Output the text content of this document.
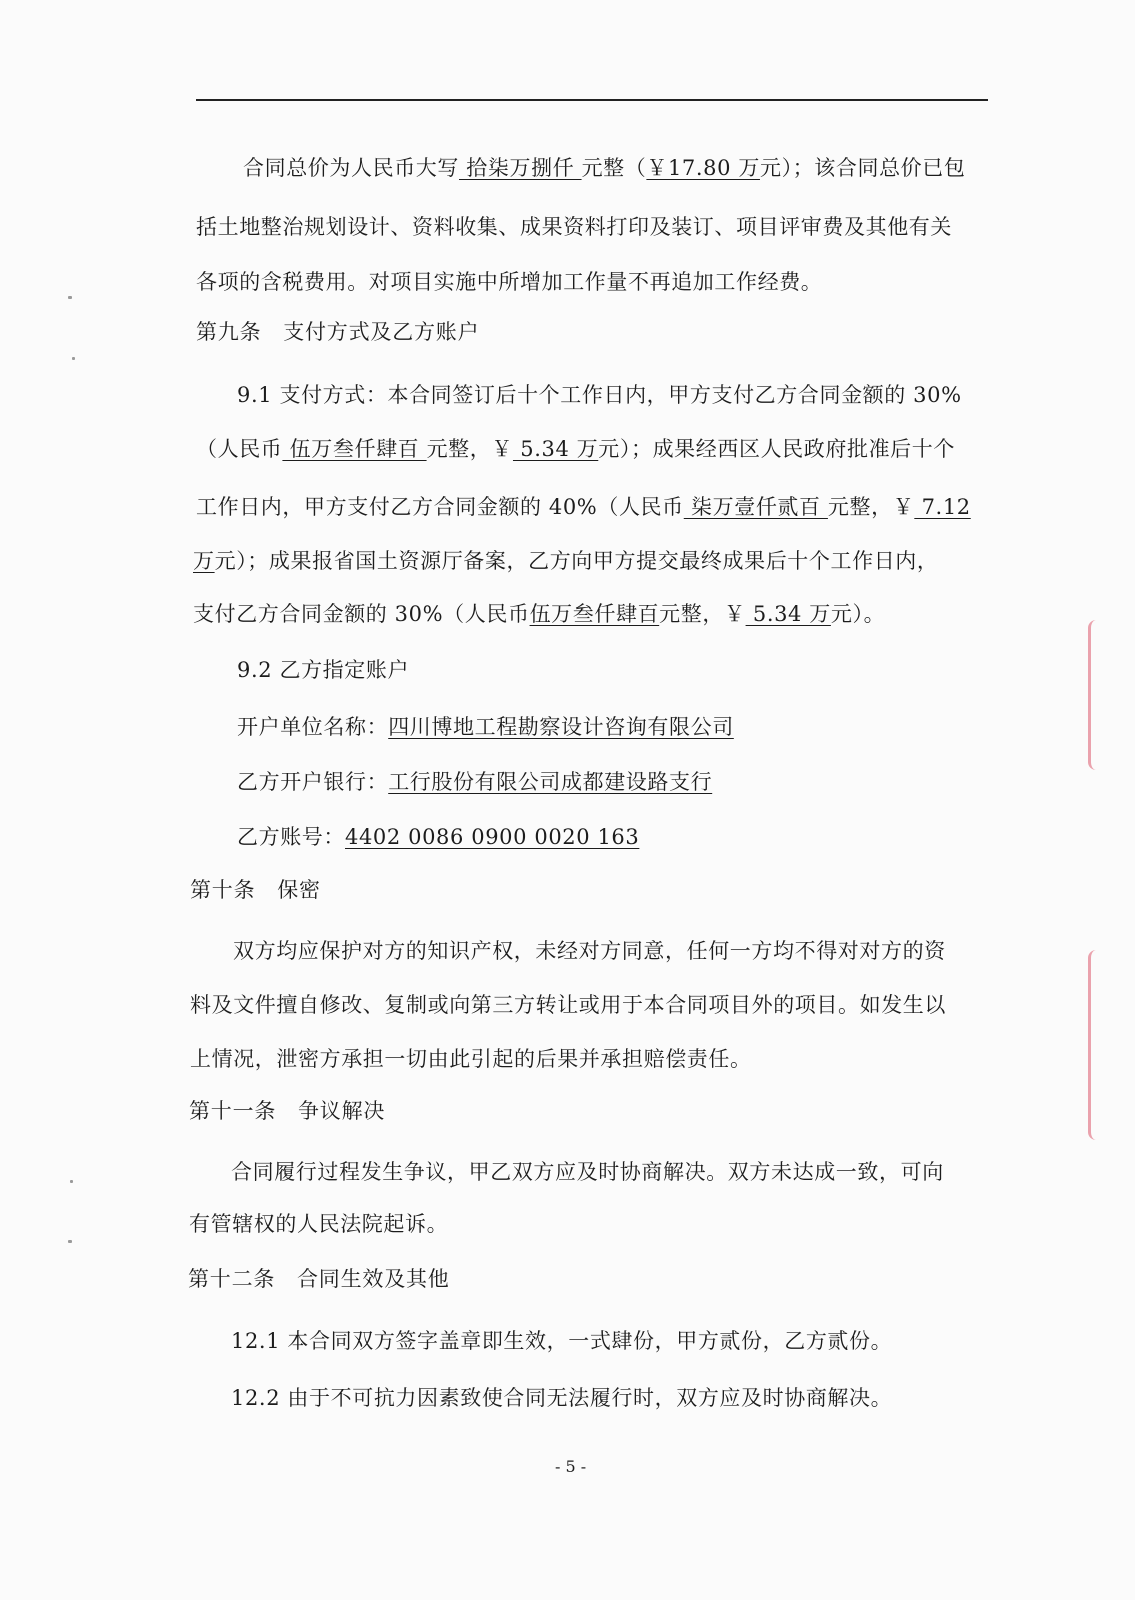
合同总价为人民币大写 拾柒万捌仟 元整（￥17.80 万元）；该合同总价已包
括土地整治规划设计、资料收集、成果资料打印及装订、项目评审费及其他有关
各项的含税费用。对项目实施中所增加工作量不再追加工作经费。
第九条　支付方式及乙方账户
9.1 支付方式：本合同签订后十个工作日内，甲方支付乙方合同金额的 30%
（人民币 伍万叁仟肆百 元整，￥ 5.34 万元）；成果经西区人民政府批准后十个
工作日内，甲方支付乙方合同金额的 40%（人民币 柒万壹仟贰百 元整，￥ 7.12
万元）；成果报省国土资源厅备案，乙方向甲方提交最终成果后十个工作日内，
支付乙方合同金额的 30%（人民币伍万叁仟肆百元整，￥ 5.34 万元）。
9.2 乙方指定账户
开户单位名称：四川博地工程勘察设计咨询有限公司
乙方开户银行：工行股份有限公司成都建设路支行
乙方账号：4402 0086 0900 0020 163
第十条　保密
双方均应保护对方的知识产权，未经对方同意，任何一方均不得对对方的资
料及文件擅自修改、复制或向第三方转让或用于本合同项目外的项目。如发生以
上情况，泄密方承担一切由此引起的后果并承担赔偿责任。
第十一条　争议解决
合同履行过程发生争议，甲乙双方应及时协商解决。双方未达成一致，可向
有管辖权的人民法院起诉。
第十二条　合同生效及其他
12.1 本合同双方签字盖章即生效，一式肆份，甲方贰份，乙方贰份。
12.2 由于不可抗力因素致使合同无法履行时，双方应及时协商解决。
- 5 -
